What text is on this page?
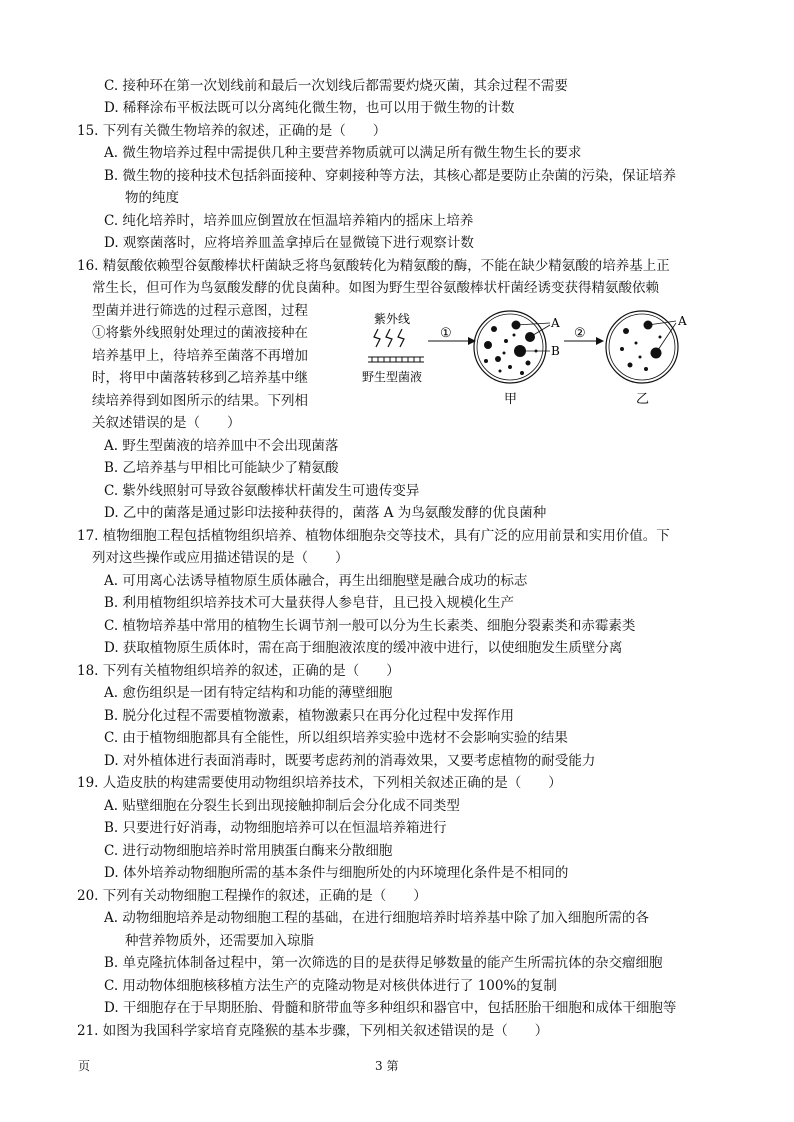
C. 接种环在第一次划线前和最后一次划线后都需要灼烧灭菌，其余过程不需要
D. 稀释涂布平板法既可以分离纯化微生物，也可以用于微生物的计数
15. 下列有关微生物培养的叙述，正确的是（　　）
A. 微生物培养过程中需提供几种主要营养物质就可以满足所有微生物生长的要求
B. 微生物的接种技术包括斜面接种、穿刺接种等方法，其核心都是要防止杂菌的污染，保证培养
物的纯度
C. 纯化培养时，培养皿应倒置放在恒温培养箱内的摇床上培养
D. 观察菌落时，应将培养皿盖拿掉后在显微镜下进行观察计数
16. 精氨酸依赖型谷氨酸棒状杆菌缺乏将鸟氨酸转化为精氨酸的酶，不能在缺少精氨酸的培养基上正
常生长，但可作为鸟氨酸发酵的优良菌种。如图为野生型谷氨酸棒状杆菌经诱变获得精氨酸依赖
型菌并进行筛选的过程示意图，过程
①将紫外线照射处理过的菌液接种在
培养基甲上，待培养至菌落不再增加
时，将甲中菌落转移到乙培养基中继
续培养得到如图所示的结果。下列相
关叙述错误的是（　　）
紫外线
野生型菌液
①
A
B
甲
②
A
乙
A. 野生型菌液的培养皿中不会出现菌落
B. 乙培养基与甲相比可能缺少了精氨酸
C. 紫外线照射可导致谷氨酸棒状杆菌发生可遗传变异
D. 乙中的菌落是通过影印法接种获得的，菌落 A 为鸟氨酸发酵的优良菌种
17. 植物细胞工程包括植物组织培养、植物体细胞杂交等技术，具有广泛的应用前景和实用价值。下
列对这些操作或应用描述错误的是（　　）
A. 可用离心法诱导植物原生质体融合，再生出细胞壁是融合成功的标志
B. 利用植物组织培养技术可大量获得人参皂苷，且已投入规模化生产
C. 植物培养基中常用的植物生长调节剂一般可以分为生长素类、细胞分裂素类和赤霉素类
D. 获取植物原生质体时，需在高于细胞液浓度的缓冲液中进行，以使细胞发生质壁分离
18. 下列有关植物组织培养的叙述，正确的是（　　）
A. 愈伤组织是一团有特定结构和功能的薄壁细胞
B. 脱分化过程不需要植物激素，植物激素只在再分化过程中发挥作用
C. 由于植物细胞都具有全能性，所以组织培养实验中选材不会影响实验的结果
D. 对外植体进行表面消毒时，既要考虑药剂的消毒效果，又要考虑植物的耐受能力
19. 人造皮肤的构建需要使用动物组织培养技术，下列相关叙述正确的是（　　）
A. 贴壁细胞在分裂生长到出现接触抑制后会分化成不同类型
B. 只要进行好消毒，动物细胞培养可以在恒温培养箱进行
C. 进行动物细胞培养时常用胰蛋白酶来分散细胞
D. 体外培养动物细胞所需的基本条件与细胞所处的内环境理化条件是不相同的
20. 下列有关动物细胞工程操作的叙述，正确的是（　　）
A. 动物细胞培养是动物细胞工程的基础，在进行细胞培养时培养基中除了加入细胞所需的各
种营养物质外，还需要加入琼脂
B. 单克隆抗体制备过程中，第一次筛选的目的是获得足够数量的能产生所需抗体的杂交瘤细胞
C. 用动物体细胞核移植方法生产的克隆动物是对核供体进行了 100%的复制
D. 干细胞存在于早期胚胎、骨髓和脐带血等多种组织和器官中，包括胚胎干细胞和成体干细胞等
21. 如图为我国科学家培育克隆猴的基本步骤，下列相关叙述错误的是（　　）
页	3 第
